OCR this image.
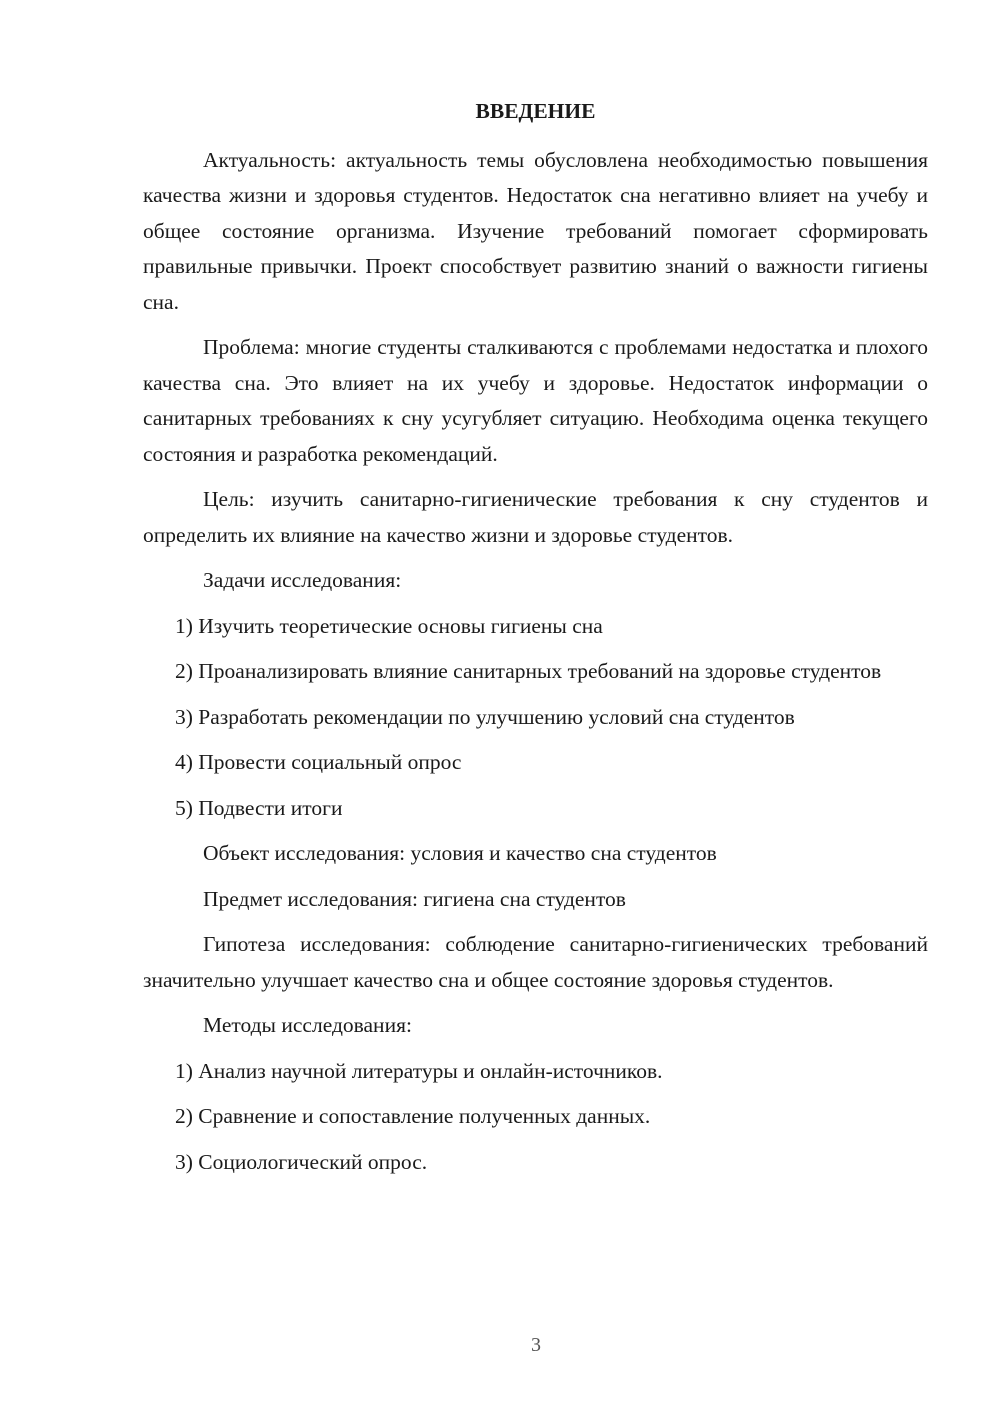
ВВЕДЕНИЕ

Актуальность: актуальность темы обусловлена необходимостью повышения качества жизни и здоровья студентов. Недостаток сна негативно влияет на учебу и общее состояние организма. Изучение требований помогает сформировать правильные привычки. Проект способствует развитию знаний о важности гигиены сна.

Проблема: многие студенты сталкиваются с проблемами недостатка и плохого качества сна. Это влияет на их учебу и здоровье. Недостаток информации о санитарных требованиях к сну усугубляет ситуацию. Необходима оценка текущего состояния и разработка рекомендаций.

Цель: изучить санитарно-гигиенические требования к сну студентов и определить их влияние на качество жизни и здоровье студентов.

Задачи исследования:

1) Изучить теоретические основы гигиены сна

2) Проанализировать влияние санитарных требований на здоровье студентов

3) Разработать рекомендации по улучшению условий сна студентов

4) Провести социальный опрос

5) Подвести итоги

Объект исследования: условия и качество сна студентов

Предмет исследования: гигиена сна студентов

Гипотеза исследования: соблюдение санитарно-гигиенических требований значительно улучшает качество сна и общее состояние здоровья студентов.

Методы исследования:

1) Анализ научной литературы и онлайн-источников.

2) Сравнение и сопоставление полученных данных.

3) Социологический опрос.

3
